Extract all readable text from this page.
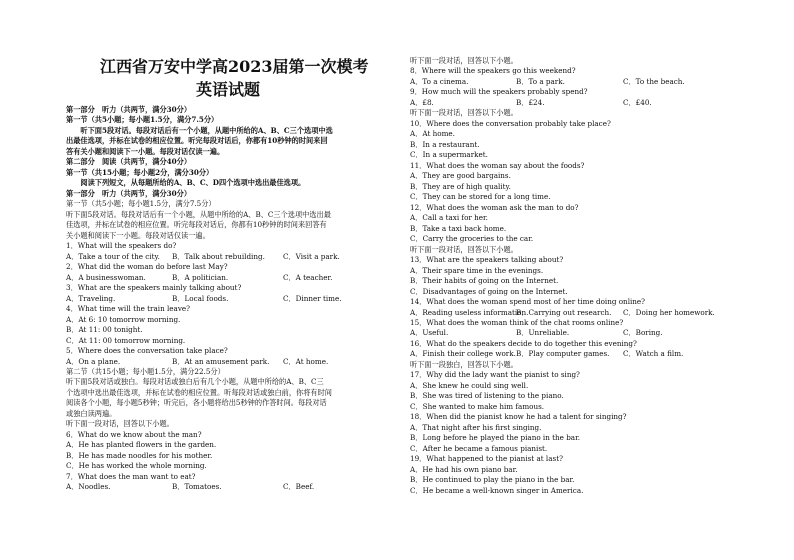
江西省万安中学高2023届第一次模考
英语试题
第一部分　听力（共两节，满分30分）
第一节（共5小题；每小题1.5分，满分7.5分）
　　听下面5段对话。每段对话后有一个小题，从题中所给的A、B、C三个选项中选
出最佳选项，并标在试卷的相应位置。听完每段对话后，你都有10秒钟的时间来回
答有关小题和阅读下一小题。每段对话仅读一遍。
第二部分　阅读（共两节，满分40分）
第一节（共15小题；每小题2分，满分30分）
　　阅读下列短文，从每题所给的A、B、C、D四个选项中选出最佳选项。
第一部分　听力（共两节，满分30分）
第一节（共5小题；每小题1.5分，满分7.5分）
听下面5段对话。每段对话后有一个小题，从题中所给的A、B、C三个选项中选出最
佳选项，并标在试卷的相应位置。听完每段对话后，你都有10秒钟的时间来回答有
关小题和阅读下一小题。每段对话仅读一遍。
1．What will the speakers do?
A．Take a tour of the city. B．Talk about rebuilding.	C．Visit a park.
2．What did the woman do before last May?
A．A businesswoman.	B．A politician.	C．A teacher.
3．What are the speakers mainly talking about?
A．Traveling.	B．Local foods.	C．Dinner time.
4．What time will the train leave?
A．At 6: 10 tomorrow morning.
B．At 11: 00 tonight.
C．At 11: 00 tomorrow morning.
5．Where does the conversation take place?
A．On a plane.	B．At an amusement park. C．At home.
第二节（共15小题；每小题1.5分，满分22.5分）
听下面5段对话或独白。每段对话或独白后有几个小题，从题中所给的A、B、C三
个选项中选出最佳选项，并标在试卷的相应位置。听每段对话或独白前，你将有时间
阅读各个小题，每小题5秒钟；听完后，各小题将给出5秒钟的作答时间。每段对话
或独白读两遍。
听下面一段对话，回答以下小题。
6．What do we know about the man?
A．He has planted flowers in the garden.
B．He has made noodles for his mother.
C．He has worked the whole morning.
7．What does the man want to eat?
A．Noodles.	B．Tomatoes.	C．Beef.
听下面一段对话，回答以下小题。
8．Where will the speakers go this weekend?
A．To a cinema.	B．To a park.	C．To the beach.
9．How much will the speakers probably spend?
A．£8.	B．£24.	C．£40.
听下面一段对话，回答以下小题。
10．Where does the conversation probably take place?
A．At home.
B．In a restaurant.
C．In a supermarket.
11．What does the woman say about the foods?
A．They are good bargains.
B．They are of high quality.
C．They can be stored for a long time.
12．What does the woman ask the man to do?
A．Call a taxi for her.
B．Take a taxi back home.
C．Carry the groceries to the car.
听下面一段对话，回答以下小题。
13．What are the speakers talking about?
A．Their spare time in the evenings.
B．Their habits of going on the Internet.
C．Disadvantages of going on the Internet.
14．What does the woman spend most of her time doing online?
A．Reading useless information.
B．Carrying out research. C．Doing her homework.
15．What does the woman think of the chat rooms online?
A．Useful.	B．Unreliable.	C．Boring.
16．What do the speakers decide to do together this evening?
A．Finish their college work. B．Play computer games. C．Watch a film.
听下面一段独白，回答以下小题。
17．Why did the lady want the pianist to sing?
A．She knew he could sing well.
B．She was tired of listening to the piano.
C．She wanted to make him famous.
18．When did the pianist know he had a talent for singing?
A．That night after his first singing.
B．Long before he played the piano in the bar.
C．After he became a famous pianist.
19．What happened to the pianist at last?
A．He had his own piano bar.
B．He continued to play the piano in the bar.
C．He became a well-known singer in America.
